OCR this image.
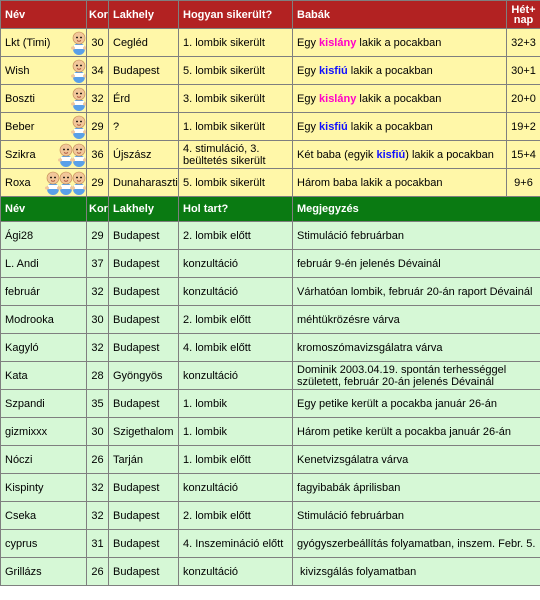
Név	Kor	Lakhely	Hogyan sikerült?	Babák	Hét+ nap
Lkt (Timi)	30	Cegléd	1. lombik sikerült	Egy kislány lakik a pocakban	32+3
Wish	34	Budapest	5. lombik sikerült	Egy kisfiú lakik a pocakban	30+1
Boszti	32	Érd	3. lombik sikerült	Egy kislány lakik a pocakban	20+0
Beber	29	?	1. lombik sikerült	Egy kisfiú lakik a pocakban	19+2
Szikra	36	Újszász	4. stimuláció, 3. beültetés sikerült	Két baba (egyik kisfiú) lakik a pocakban	15+4
Roxa	29	Dunaharaszti	5. lombik sikerült	Három baba lakik a pocakban	9+6
Név	Kor	Lakhely	Hol tart?	Megjegyzés	
Ági28	29	Budapest	2. lombik előtt	Stimuláció februárban	
L. Andi	37	Budapest	konzultáció	február 9-én jelenés Dévainál	
február	32	Budapest	konzultáció	Várhatóan lombik, február 20-án raport Dévainál	
Modrooka	30	Budapest	2. lombik előtt	méhtükrözésre várva	
Kagyló	32	Budapest	4. lombik előtt	kromoszómavizsgálatra várva	
Kata	28	Gyöngyös	konzultáció	Dominik 2003.04.19. spontán terhességgel született, február 20-án jelenés Dévainál	
Szpandi	35	Budapest	1. lombik	Egy petike került a pocakba január 26-án	
gizmixxx	30	Szigethalom	1. lombik	Három petike került a pocakba január 26-án	
Nóczi	26	Tarján	1. lombik előtt	Kenetvizsgálatra várva	
Kispinty	32	Budapest	konzultáció	fagyibabák áprilisban	
Cseka	32	Budapest	2. lombik előtt	Stimuláció februárban	
cyprus	31	Budapest	4. Inszemináció előtt	gyógyszerbeállítás folyamatban, inszem. Febr. 5.	
Grillázs	26	Budapest	konzultáció	kivizsgálás folyamatban	
